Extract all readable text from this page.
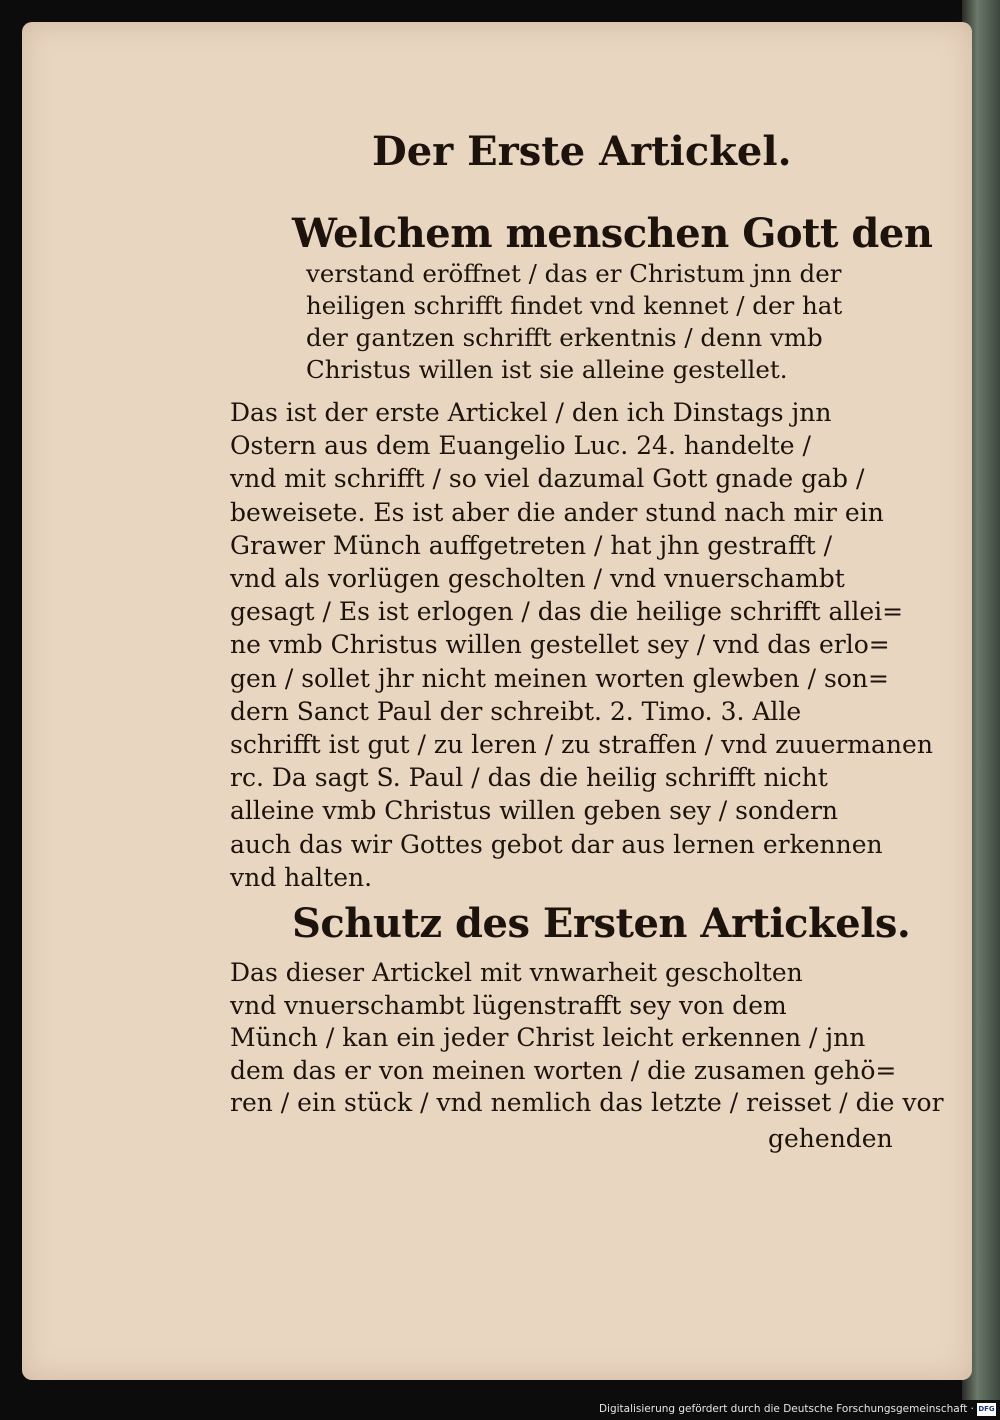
Der Erste Artickel.
Welchem menschen Gott den
verstand eröffnet / das er Christum jnn der
heiligen schrifft findet vnd kennet / der hat
der gantzen schrifft erkentnis / denn vmb
Christus willen ist sie alleine gestellet.
Das ist der erste Artickel / den ich Dinstags jnn
Ostern aus dem Euangelio Luc. 24. handelte /
vnd mit schrifft / so viel dazumal Gott gnade gab /
beweisete. Es ist aber die ander stund nach mir ein
Grawer Münch auffgetreten / hat jhn gestrafft /
vnd als vorlügen gescholten / vnd vnuerschambt
gesagt / Es ist erlogen / das die heilige schrifft allei=
ne vmb Christus willen gestellet sey / vnd das erlo=
gen / sollet jhr nicht meinen worten glewben / son=
dern Sanct Paul der schreibt. 2. Timo. 3. Alle
schrifft ist gut / zu leren / zu straffen / vnd zuuermanen
rc. Da sagt S. Paul / das die heilig schrifft nicht
alleine vmb Christus willen geben sey / sondern
auch das wir Gottes gebot dar aus lernen erkennen
vnd halten.
Schutz des Ersten Artickels.
Das dieser Artickel mit vnwarheit gescholten
vnd vnuerschambt lügenstrafft sey von dem
Münch / kan ein jeder Christ leicht erkennen / jnn
dem das er von meinen worten / die zusamen gehö=
ren / ein stück / vnd nemlich das letzte / reisset / die vor
gehenden
Digitalisierung gefördert durch die Deutsche Forschungsgemeinschaft · DFG
